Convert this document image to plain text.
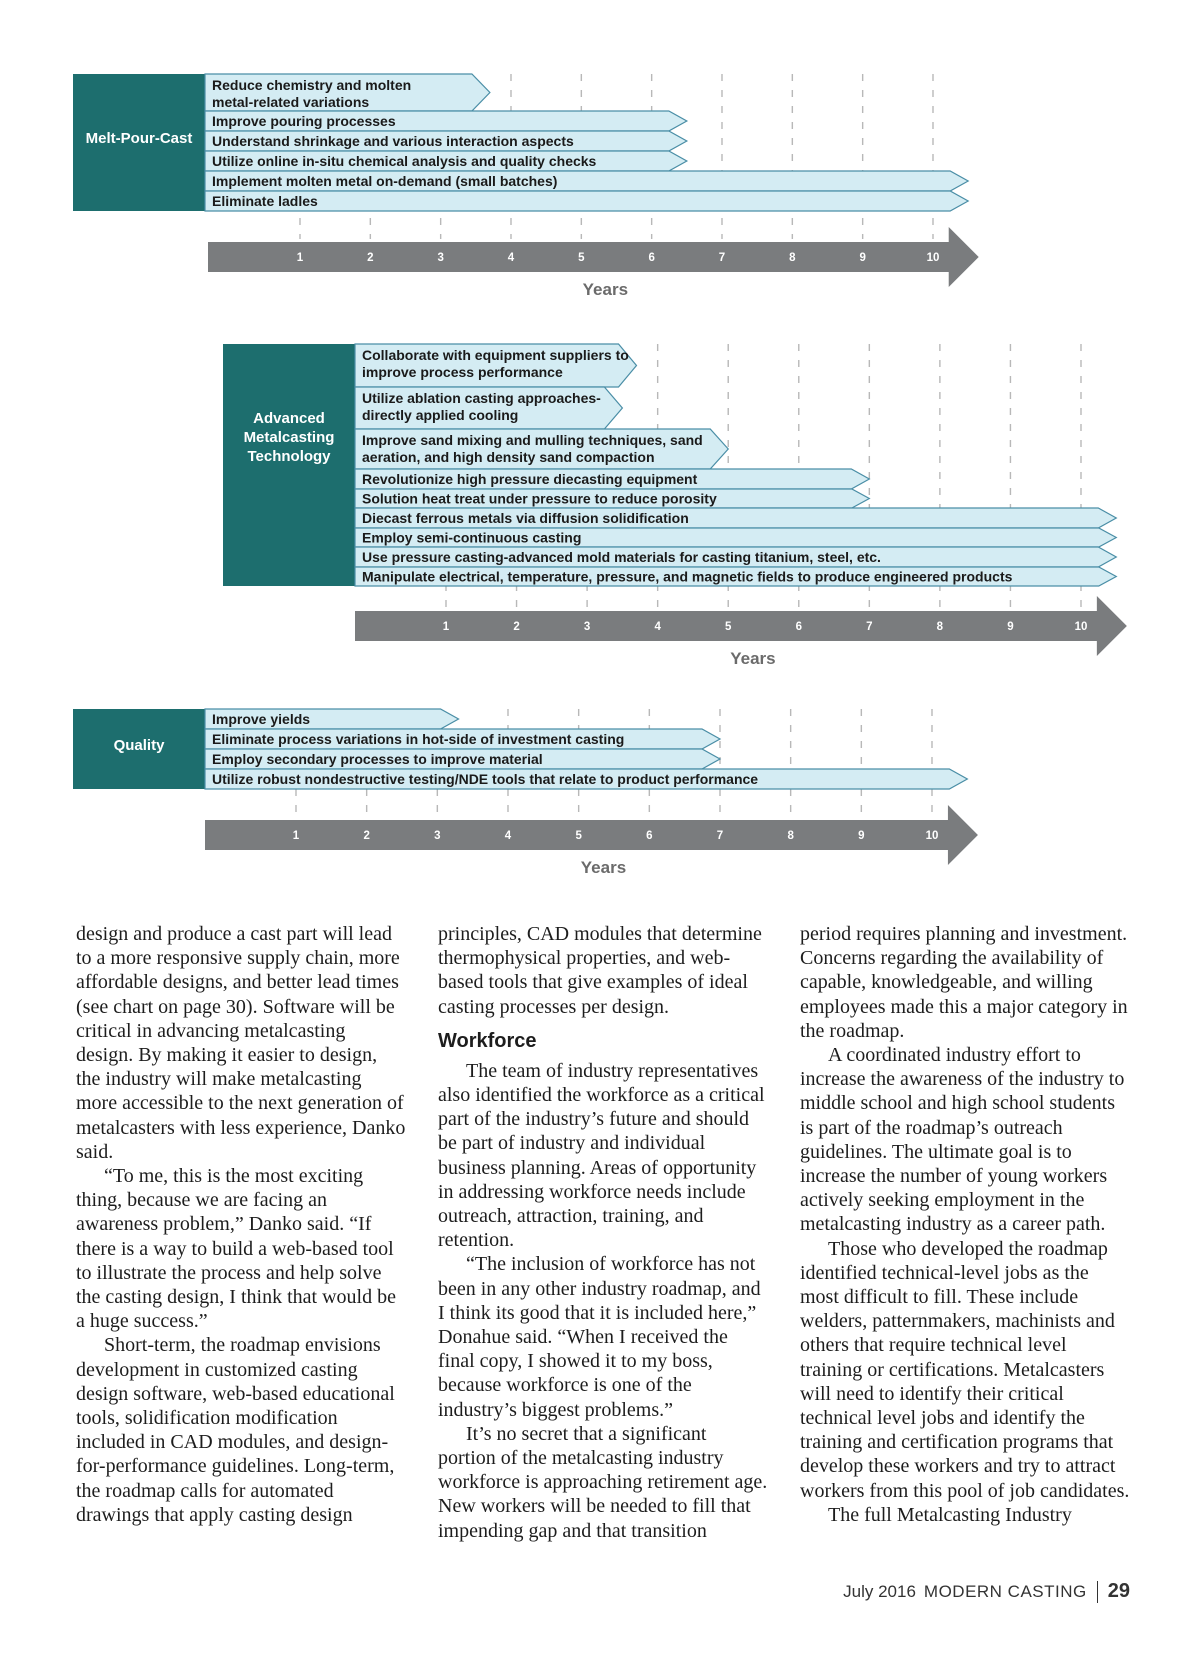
Melt-Pour-Cast
Reduce chemistry and molten metal-related variations
Improve pouring processes
Understand shrinkage and various interaction aspects
Utilize online in-situ chemical analysis and quality checks
Implement molten metal on-demand (small batches)
Eliminate ladles
1	2	3	4	5	6	7	8	9	10
Years
Advanced Metalcasting Technology
Collaborate with equipment suppliers to improve process performance
Utilize ablation casting approaches-directly applied cooling
Improve sand mixing and mulling techniques, sand aeration, and high density sand compaction
Revolutionize high pressure diecasting equipment
Solution heat treat under pressure to reduce porosity
Diecast ferrous metals via diffusion solidification
Employ semi-continuous casting
Use pressure casting-advanced mold materials for casting titanium, steel, etc.
Manipulate electrical, temperature, pressure, and magnetic fields to produce engineered products
1	2	3	4	5	6	7	8	9	10
Years
Quality
Improve yields
Eliminate process variations in hot-side of investment casting
Employ secondary processes to improve material
Utilize robust nondestructive testing/NDE tools that relate to product performance
1	2	3	4	5	6	7	8	9	10
Years

design and produce a cast part will lead to a more responsive supply chain, more affordable designs, and better lead times (see chart on page 30). Software will be critical in advancing metalcasting design. By making it easier to design, the industry will make metalcasting more accessible to the next generation of metalcasters with less experience, Danko said.

“To me, this is the most exciting thing, because we are facing an awareness problem,” Danko said. “If there is a way to build a web-based tool to illustrate the process and help solve the casting design, I think that would be a huge success.”

Short-term, the roadmap envisions development in customized casting design software, web-based educational tools, solidification modification included in CAD modules, and design-for-performance guidelines. Long-term, the roadmap calls for automated drawings that apply casting design

principles, CAD modules that determine thermophysical properties, and web-based tools that give examples of ideal casting processes per design.

Workforce

The team of industry representatives also identified the workforce as a critical part of the industry’s future and should be part of industry and individual business planning. Areas of opportunity in addressing workforce needs include outreach, attraction, training, and retention.

“The inclusion of workforce has not been in any other industry roadmap, and I think its good that it is included here,” Donahue said. “When I received the final copy, I showed it to my boss, because workforce is one of the industry’s biggest problems.”

It’s no secret that a significant portion of the metalcasting industry workforce is approaching retirement age. New workers will be needed to fill that impending gap and that transition

period requires planning and investment. Concerns regarding the availability of capable, knowledgeable, and willing employees made this a major category in the roadmap.

A coordinated industry effort to increase the awareness of the industry to middle school and high school students is part of the roadmap’s outreach guidelines. The ultimate goal is to increase the number of young workers actively seeking employment in the metalcasting industry as a career path.

Those who developed the roadmap identified technical-level jobs as the most difficult to fill. These include welders, patternmakers, machinists and others that require technical level training or certifications. Metalcasters will need to identify their critical technical level jobs and identify the training and certification programs that develop these workers and try to attract workers from this pool of job candidates.

The full Metalcasting Industry

July 2016 MODERN CASTING 29
